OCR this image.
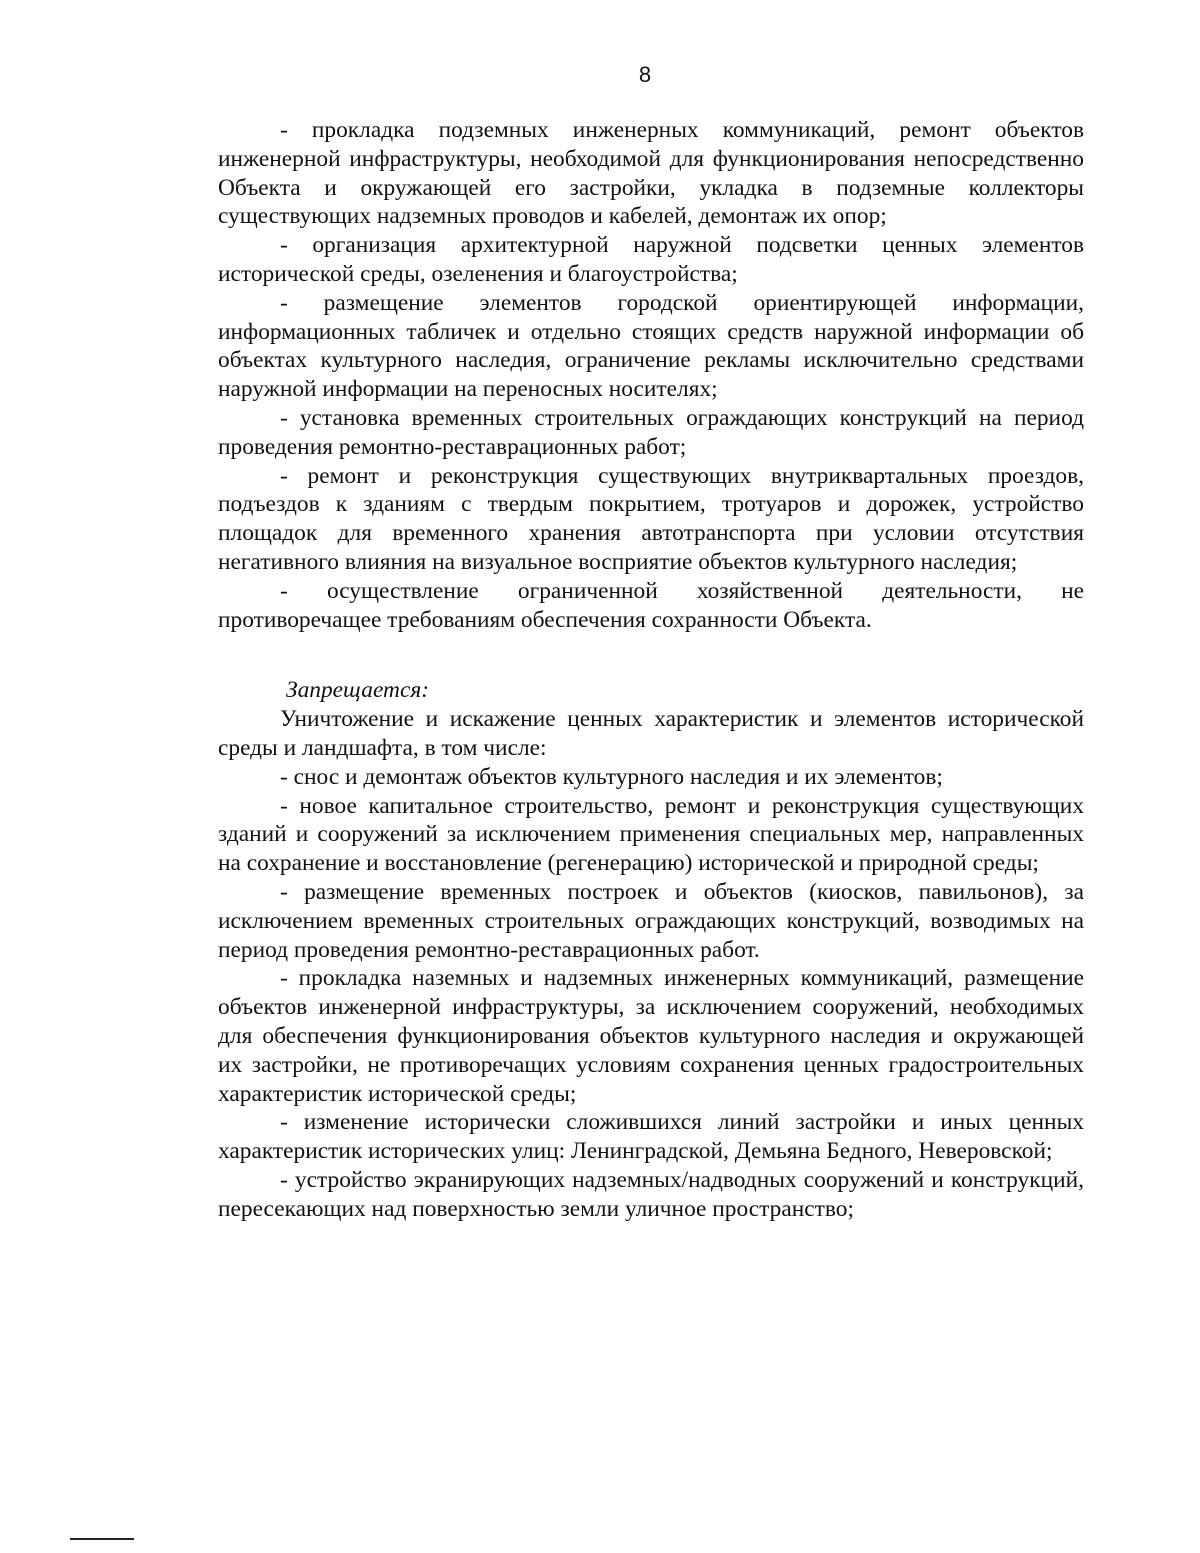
8

- прокладка подземных инженерных коммуникаций, ремонт объектов инженерной инфраструктуры, необходимой для функционирования непосредственно Объекта и окружающей его застройки, укладка в подземные коллекторы существующих надземных проводов и кабелей, демонтаж их опор;

- организация архитектурной наружной подсветки ценных элементов исторической среды, озеленения и благоустройства;

- размещение элементов городской ориентирующей информации, информационных табличек и отдельно стоящих средств наружной информации об объектах культурного наследия, ограничение рекламы исключительно средствами наружной информации на переносных носителях;

- установка временных строительных ограждающих конструкций на период проведения ремонтно-реставрационных работ;

- ремонт и реконструкция существующих внутриквартальных проездов, подъездов к зданиям с твердым покрытием, тротуаров и дорожек, устройство площадок для временного хранения автотранспорта при условии отсутствия негативного влияния на визуальное восприятие объектов культурного наследия;

- осуществление ограниченной хозяйственной деятельности, не противоречащее требованиям обеспечения сохранности Объекта.

Запрещается:

Уничтожение и искажение ценных характеристик и элементов исторической среды и ландшафта, в том числе:

- снос и демонтаж объектов культурного наследия и их элементов;

- новое капитальное строительство, ремонт и реконструкция существующих зданий и сооружений за исключением применения специальных мер, направленных на сохранение и восстановление (регенерацию) исторической и природной среды;

- размещение временных построек и объектов (киосков, павильонов), за исключением временных строительных ограждающих конструкций, возводимых на период проведения ремонтно-реставрационных работ.

- прокладка наземных и надземных инженерных коммуникаций, размещение объектов инженерной инфраструктуры, за исключением сооружений, необходимых для обеспечения функционирования объектов культурного наследия и окружающей их застройки, не противоречащих условиям сохранения ценных градостроительных характеристик исторической среды;

- изменение исторически сложившихся линий застройки и иных ценных характеристик исторических улиц: Ленинградской, Демьяна Бедного, Неверовской;

- устройство экранирующих надземных/надводных сооружений и конструкций, пересекающих над поверхностью земли уличное пространство;
